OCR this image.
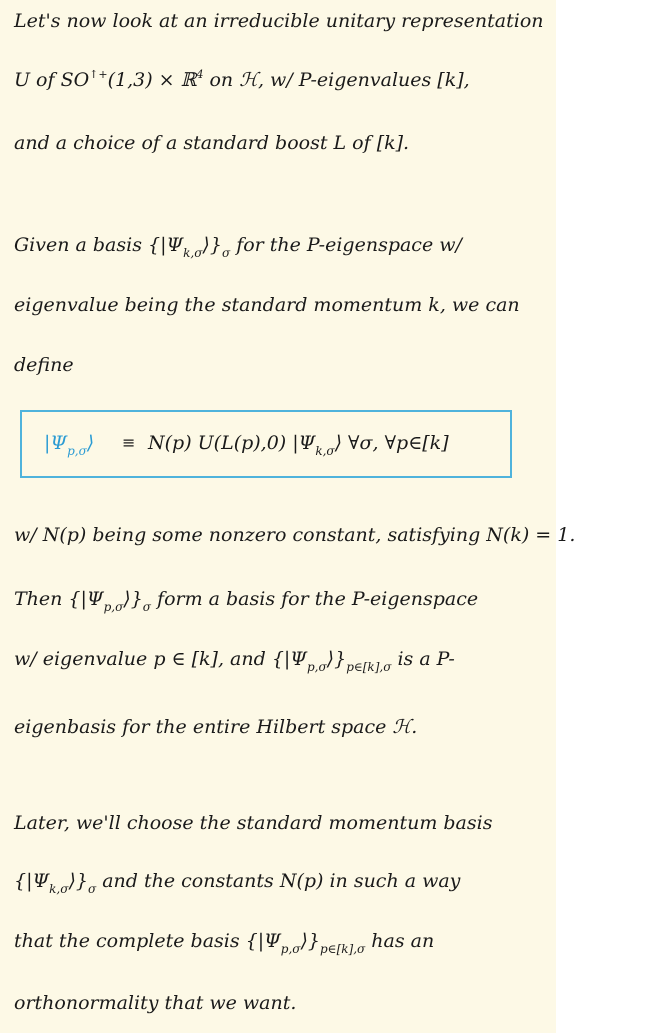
Let's now look at an irreducible unitary representation
U of SO↑+(1,3) × ℝ$^4$ on ℋ, w/ P-eigenvalues [k],
and a choice of a standard boost L of [k].
Given a basis $\{|\Psi_{k,\sigma}⟩\}_\sigma$ for the P-eigenspace w/
eigenvalue being the standard momentum k, we can
define
$|\Psi_{p,\sigma}⟩ \equiv N(p)$ U(L(p),0) $|\Psi_{k,\sigma}⟩$ ∀σ, ∀p∈[k]
w/ N(p) being some nonzero constant, satisfying N(k) = 1.
Then $\{|\Psi_{p,\sigma}⟩\}_\sigma$ form a basis for the P-eigenspace
w/ eigenvalue p ∈ [k], and $\{|\Psi_{p,\sigma}⟩\}_{p\in[k],\sigma}$ is a P-
eigenbasis for the entire Hilbert space ℋ.
Later, we'll choose the standard momentum basis
$\{|\Psi_{k,\sigma}⟩\}_\sigma$ and the constants N(p) in such a way
that the complete basis $\{|\Psi_{p,\sigma}⟩\}_{p\in[k],\sigma}$ has an
orthonormality that we want.
